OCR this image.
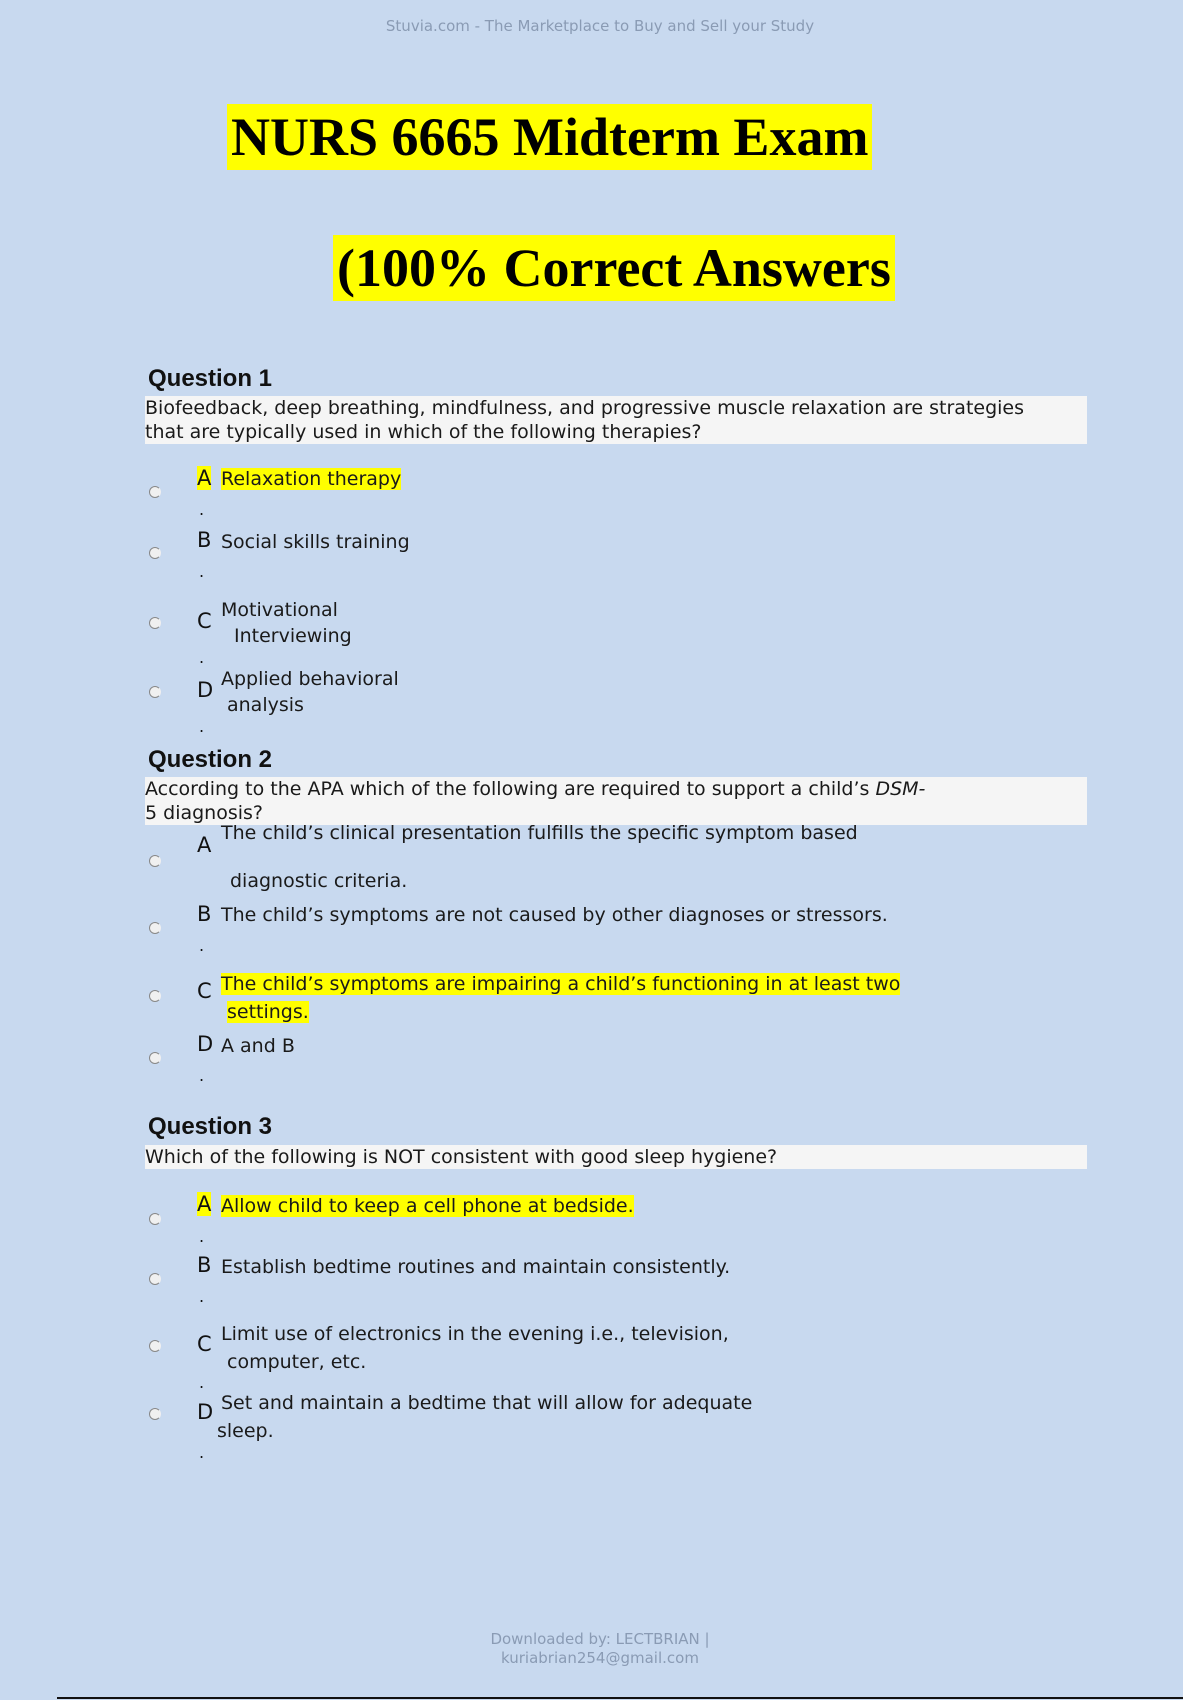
Stuvia.com - The Marketplace to Buy and Sell your Study
NURS 6665 Midterm Exam
(100% Correct Answers
Question 1
Biofeedback, deep breathing, mindfulness, and progressive muscle relaxation are strategies
that are typically used in which of the following therapies?
A Relaxation therapy
.
B Social skills training
.
C Motivational
Interviewing
.
D Applied behavioral
analysis
.
Question 2
According to the APA which of the following are required to support a child’s DSM-
5 diagnosis?
A The child’s clinical presentation fulfills the specific symptom based
diagnostic criteria.
B The child’s symptoms are not caused by other diagnoses or stressors.
.
C The child’s symptoms are impairing a child’s functioning in at least two
settings.
D A and B
.
Question 3
Which of the following is NOT consistent with good sleep hygiene?
A Allow child to keep a cell phone at bedside.
.
B Establish bedtime routines and maintain consistently.
.
C Limit use of electronics in the evening i.e., television,
computer, etc.
.
D Set and maintain a bedtime that will allow for adequate
sleep.
.
Downloaded by: LECTBRIAN |
kuriabrian254@gmail.com
